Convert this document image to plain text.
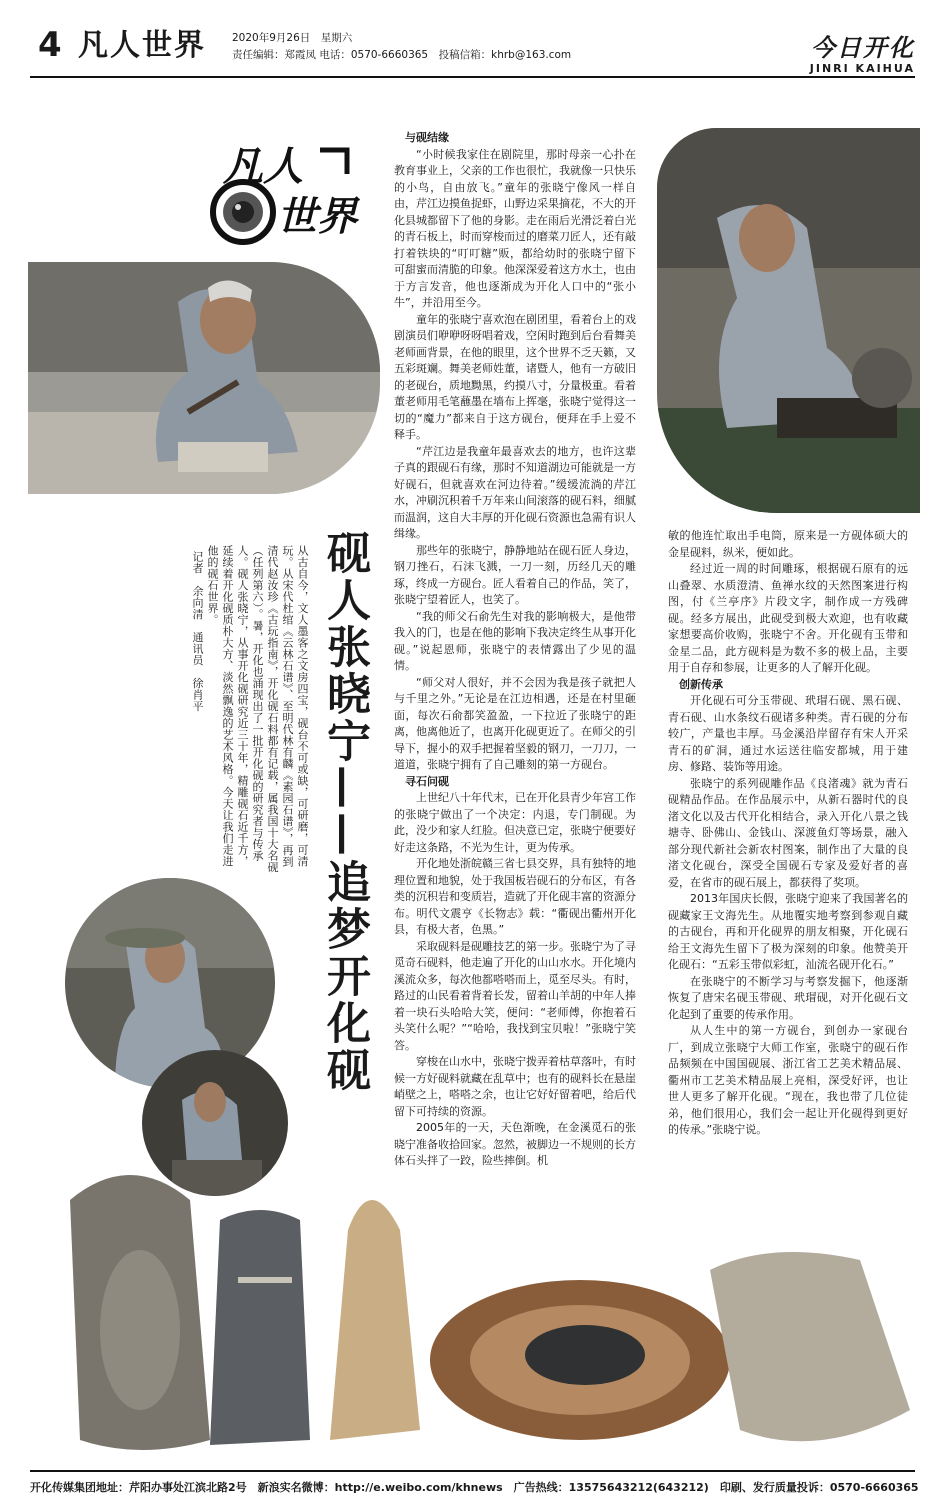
4 凡人世界 2020年9月26日　星期六
责任编辑：郑霞凤 电话：0570-6660365　投稿信箱：khrb@163.com	今日开化
JINRI KAIHUA
凡人
世界
砚人张晓宁——追梦开化砚
从古自今，文人墨客之文房四宝，砚台不可或缺，可研磨，可清玩。从宋代杜绾《云林石谱》、至明代林有麟《素园石谱》，再到清代赵汝珍《古玩指南》，开化砚石料都有记载，属我国十大名砚（任列第六）。暑，开化也涌现出了一批开化砚的研究者与传承人。砚人张晓宁，从事开化砚研究近三十年，精雕砚石近千方，延续着开化砚质朴大方、淡然飘逸的艺术风格。今天让我们走进他的砚石世界。
记者　余向清　通讯员　徐肖平

与砚结缘

“小时候我家住在剧院里，那时母亲一心扑在教育事业上，父亲的工作也很忙，我就像一只快乐的小鸟，自由放飞。”童年的张晓宁像风一样自由，芹江边摸鱼捉虾，山野边采果摘花，不大的开化县城都留下了他的身影。走在雨后光滑泛着白光的青石板上，时而穿梭而过的磨菜刀匠人，还有敲打着铁块的“叮叮糖”贩，都给幼时的张晓宁留下可甜蜜而清脆的印象。他深深爱着这方水土，也由于方言发音，他也逐渐成为开化人口中的“张小牛”，并沿用至今。

童年的张晓宁喜欢泡在剧团里，看着台上的戏剧演员们咿咿呀呀唱着戏，空闲时跑到后台看舞美老师画背景，在他的眼里，这个世界不乏天籁，又五彩斑斓。舞美老师姓董，诸暨人，他有一方破旧的老砚台，质地黝黑，约摸八寸，分量极重。看着董老师用毛笔蘸墨在墙布上挥毫，张晓宁觉得这一切的“魔力”都来自于这方砚台，便拜在手上爱不释手。

“芹江边是我童年最喜欢去的地方，也许这辈子真的跟砚石有缘，那时不知道湖边可能就是一方好砚石，但就喜欢在河边待着。”缓缓流淌的芹江水，冲刷沉积着千万年来山间滚落的砚石料，细腻而温润，这自大丰厚的开化砚石资源也急需有识人缉缘。

那些年的张晓宁，静静地站在砚石匠人身边，钢刀挫石，石沫飞溅，一刀一刻，历经几天的雕琢，终成一方砚台。匠人看着自己的作品，笑了，张晓宁望着匠人，也笑了。

“我的师父石俞先生对我的影响极大，是他带我入的门，也是在他的影响下我决定终生从事开化砚。”说起恩师，张晓宁的表情露出了少见的温情。

“师父对人很好，并不会因为我是孩子就把人与千里之外。”无论是在江边相遇，还是在村里砸面，每次石俞都笑盈盈，一下拉近了张晓宁的距离，他离他近了，也离开化砚更近了。在师父的引导下，握小的双手把握着坚毅的钢刀，一刀刀，一道道，张晓宁拥有了自己雕刻的第一方砚台。

寻石问砚

上世纪八十年代末，已在开化县青少年宫工作的张晓宁做出了一个决定：内退，专门制砚。为此，没少和家人红脸。但决意已定，张晓宁便要好好走这条路，不光为生计，更为传承。

开化地处浙皖赣三省七县交界，具有独特的地理位置和地貌，处于我国板岩砚石的分布区，有各类的沉积岩和变质岩，造就了开化砚丰富的资源分布。明代文震亨《长物志》载：“衢砚出衢州开化县，有极大者，色黑。”

采取砚料是砚雕技艺的第一步。张晓宁为了寻觅奇石砚料，他走遍了开化的山山水水。开化境内溪流众多，每次他都嗒嗒而上，觅至尽头。有时，路过的山民看着背着长发，留着山羊胡的中年人捧着一块石头哈哈大笑，便问：“老师傅，你抱着石头笑什么呢？”“哈哈，我找到宝贝啦！”张晓宁笑答。

穿梭在山水中，张晓宁拨弄着枯草落叶，有时候一方好砚料就藏在乱草中；也有的砚料长在悬崖峭壁之上，嗒嗒之余，也让它好好留着吧，给后代留下可持续的资源。

2005年的一天，天色渐晚，在金溪觅石的张晓宁准备收拾回家。忽然，被脚边一不规则的长方体石头拌了一跤，险些摔倒。机

敏的他连忙取出手电筒，原来是一方砚体硕大的金星砚料，纵米，便如此。

经过近一周的时间雕琢，根据砚石原有的远山叠翠、水质澄清、鱼禅水纹的天然图案进行构图，付《兰亭序》片段文字，制作成一方残碑砚。经多方展出，此砚受到极大欢迎，也有收藏家想要高价收购，张晓宁不舍。开化砚有玉带和金星二品，此方砚料是为数不多的极上品，主要用于自存和参展，让更多的人了解开化砚。

创新传承

开化砚石可分玉带砚、玳瑁石砚、黑石砚、青石砚、山水条纹石砚诸多种类。青石砚的分布较广，产量也丰厚。马金溪沿岸留存有宋人开采青石的矿洞，通过水运送往临安都城，用于建房、修路、装饰等用途。

张晓宁的系列砚雕作品《良渚魂》就为青石砚精品作品。在作品展示中，从新石器时代的良渚文化以及古代开化相结合，录入开化八景之钱塘寺、卧佛山、金钱山、深渡鱼灯等场景，融入部分现代新社会新农村图案，制作出了大量的良渚文化砚台，深受全国砚石专家及爱好者的喜爱，在省市的砚石展上，都获得了奖项。

2013年国庆长假，张晓宁迎来了我国著名的砚藏家王文海先生。从地覆实地考察到参观自藏的古砚台，再和开化砚界的朋友相聚，开化砚石给王文海先生留下了极为深刻的印象。他赞美开化砚石：“五彩玉带似彩虹，汕流名砚开化石。”

在张晓宁的不断学习与考察发掘下，他逐渐恢复了唐宋名砚玉带砚、玳瑁砚，对开化砚石文化起到了重要的传承作用。

从人生中的第一方砚台，到创办一家砚台厂，到成立张晓宁大师工作室，张晓宁的砚石作品频频在中国国砚展、浙江省工艺美术精品展、衢州市工艺美术精品展上亮相，深受好评，也让世人更多了解开化砚。“现在，我也带了几位徒弟，他们很用心，我们会一起让开化砚得到更好的传承。”张晓宁说。

开化传媒集团地址：芹阳办事处江滨北路2号　新浪实名微博：http://e.weibo.com/khnews　广告热线：13575643212(643212)　印刷、发行质量投诉：0570-6660365
